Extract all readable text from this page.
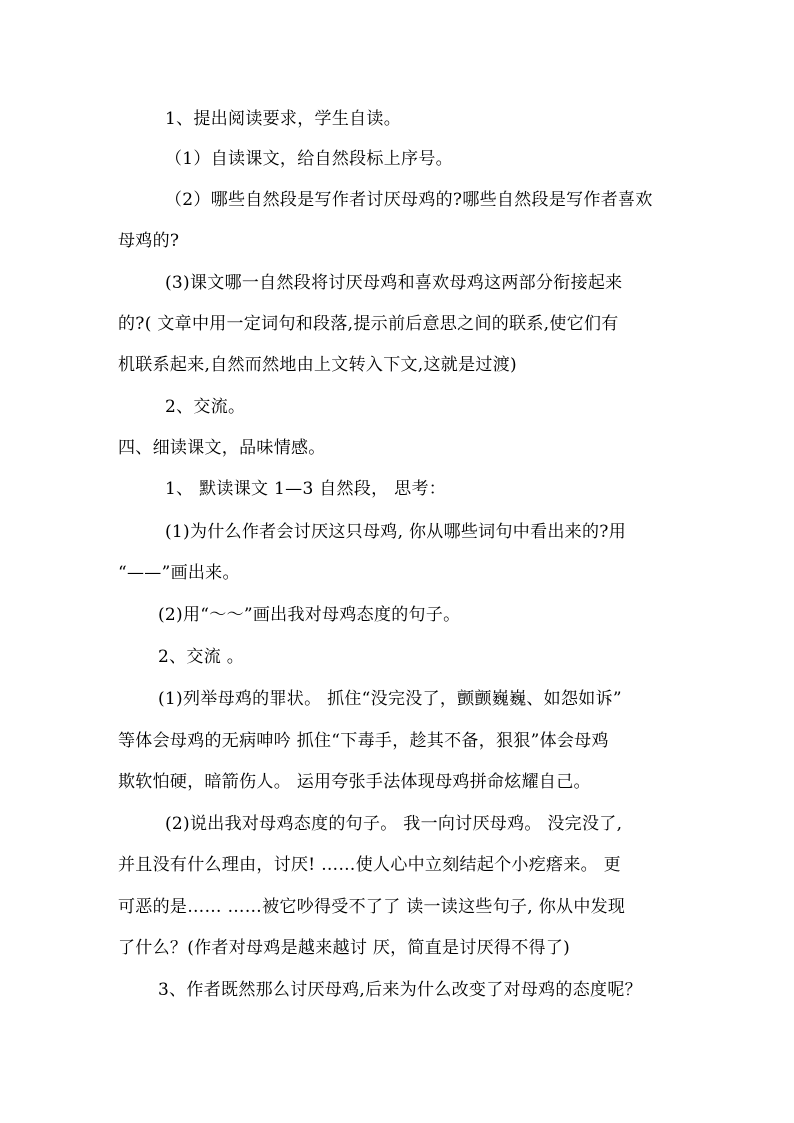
1、提出阅读要求，学生自读。
（1）自读课文，给自然段标上序号。
（2）哪些自然段是写作者讨厌母鸡的?哪些自然段是写作者喜欢
母鸡的?
(3)课文哪一自然段将讨厌母鸡和喜欢母鸡这两部分衔接起来
的?( 文章中用一定词句和段落,提示前后意思之间的联系,使它们有
机联系起来,自然而然地由上文转入下文,这就是过渡)
2、交流。
四、细读课文，品味情感。
1、 默读课文 1—3 自然段， 思考：
(1)为什么作者会讨厌这只母鸡, 你从哪些词句中看出来的?用
“——”画出来。
(2)用“～～”画出我对母鸡态度的句子。
2、交流 。
(1)列举母鸡的罪状。 抓住“没完没了，颤颤巍巍、如怨如诉”
等体会母鸡的无病呻吟 抓住“下毒手，趁其不备，狠狠”体会母鸡
欺软怕硬，暗箭伤人。 运用夸张手法体现母鸡拼命炫耀自己。
(2)说出我对母鸡态度的句子。 我一向讨厌母鸡。 没完没了,
并且没有什么理由，讨厌! ……使人心中立刻结起个小疙瘩来。 更
可恶的是…… ……被它吵得受不了了 读一读这些句子, 你从中发现
了什么？(作者对母鸡是越来越讨 厌，简直是讨厌得不得了)
3、作者既然那么讨厌母鸡,后来为什么改变了对母鸡的态度呢？
